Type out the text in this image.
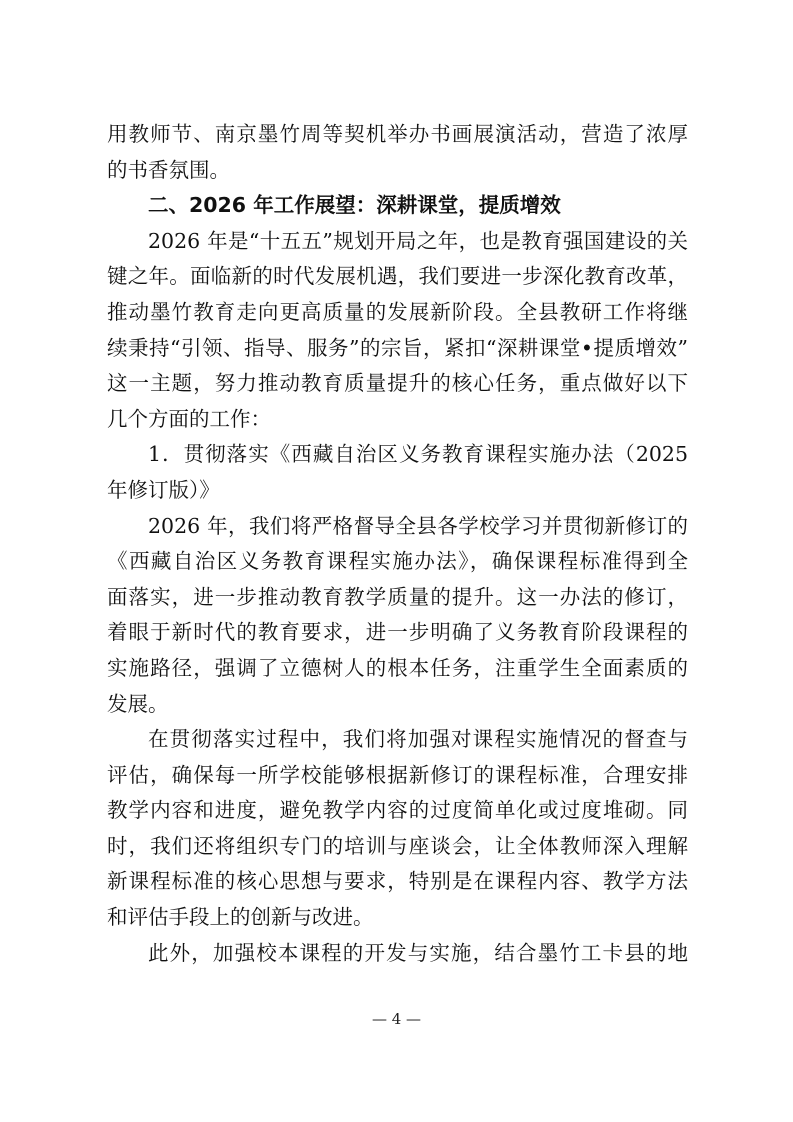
用教师节、南京墨竹周等契机举办书画展演活动，营造了浓厚
的书香氛围。
二、2026 年工作展望：深耕课堂，提质增效
2026 年是“十五五”规划开局之年，也是教育强国建设的关
键之年。面临新的时代发展机遇，我们要进一步深化教育改革，
推动墨竹教育走向更高质量的发展新阶段。全县教研工作将继
续秉持“引领、指导、服务”的宗旨，紧扣“深耕课堂•提质增效”
这一主题，努力推动教育质量提升的核心任务，重点做好以下
几个方面的工作：
1．贯彻落实《西藏自治区义务教育课程实施办法（2025
年修订版）》
2026 年，我们将严格督导全县各学校学习并贯彻新修订的
《西藏自治区义务教育课程实施办法》，确保课程标准得到全
面落实，进一步推动教育教学质量的提升。这一办法的修订，
着眼于新时代的教育要求，进一步明确了义务教育阶段课程的
实施路径，强调了立德树人的根本任务，注重学生全面素质的
发展。
在贯彻落实过程中，我们将加强对课程实施情况的督查与
评估，确保每一所学校能够根据新修订的课程标准，合理安排
教学内容和进度，避免教学内容的过度简单化或过度堆砌。同
时，我们还将组织专门的培训与座谈会，让全体教师深入理解
新课程标准的核心思想与要求，特别是在课程内容、教学方法
和评估手段上的创新与改进。
此外，加强校本课程的开发与实施，结合墨竹工卡县的地
— 4 —
